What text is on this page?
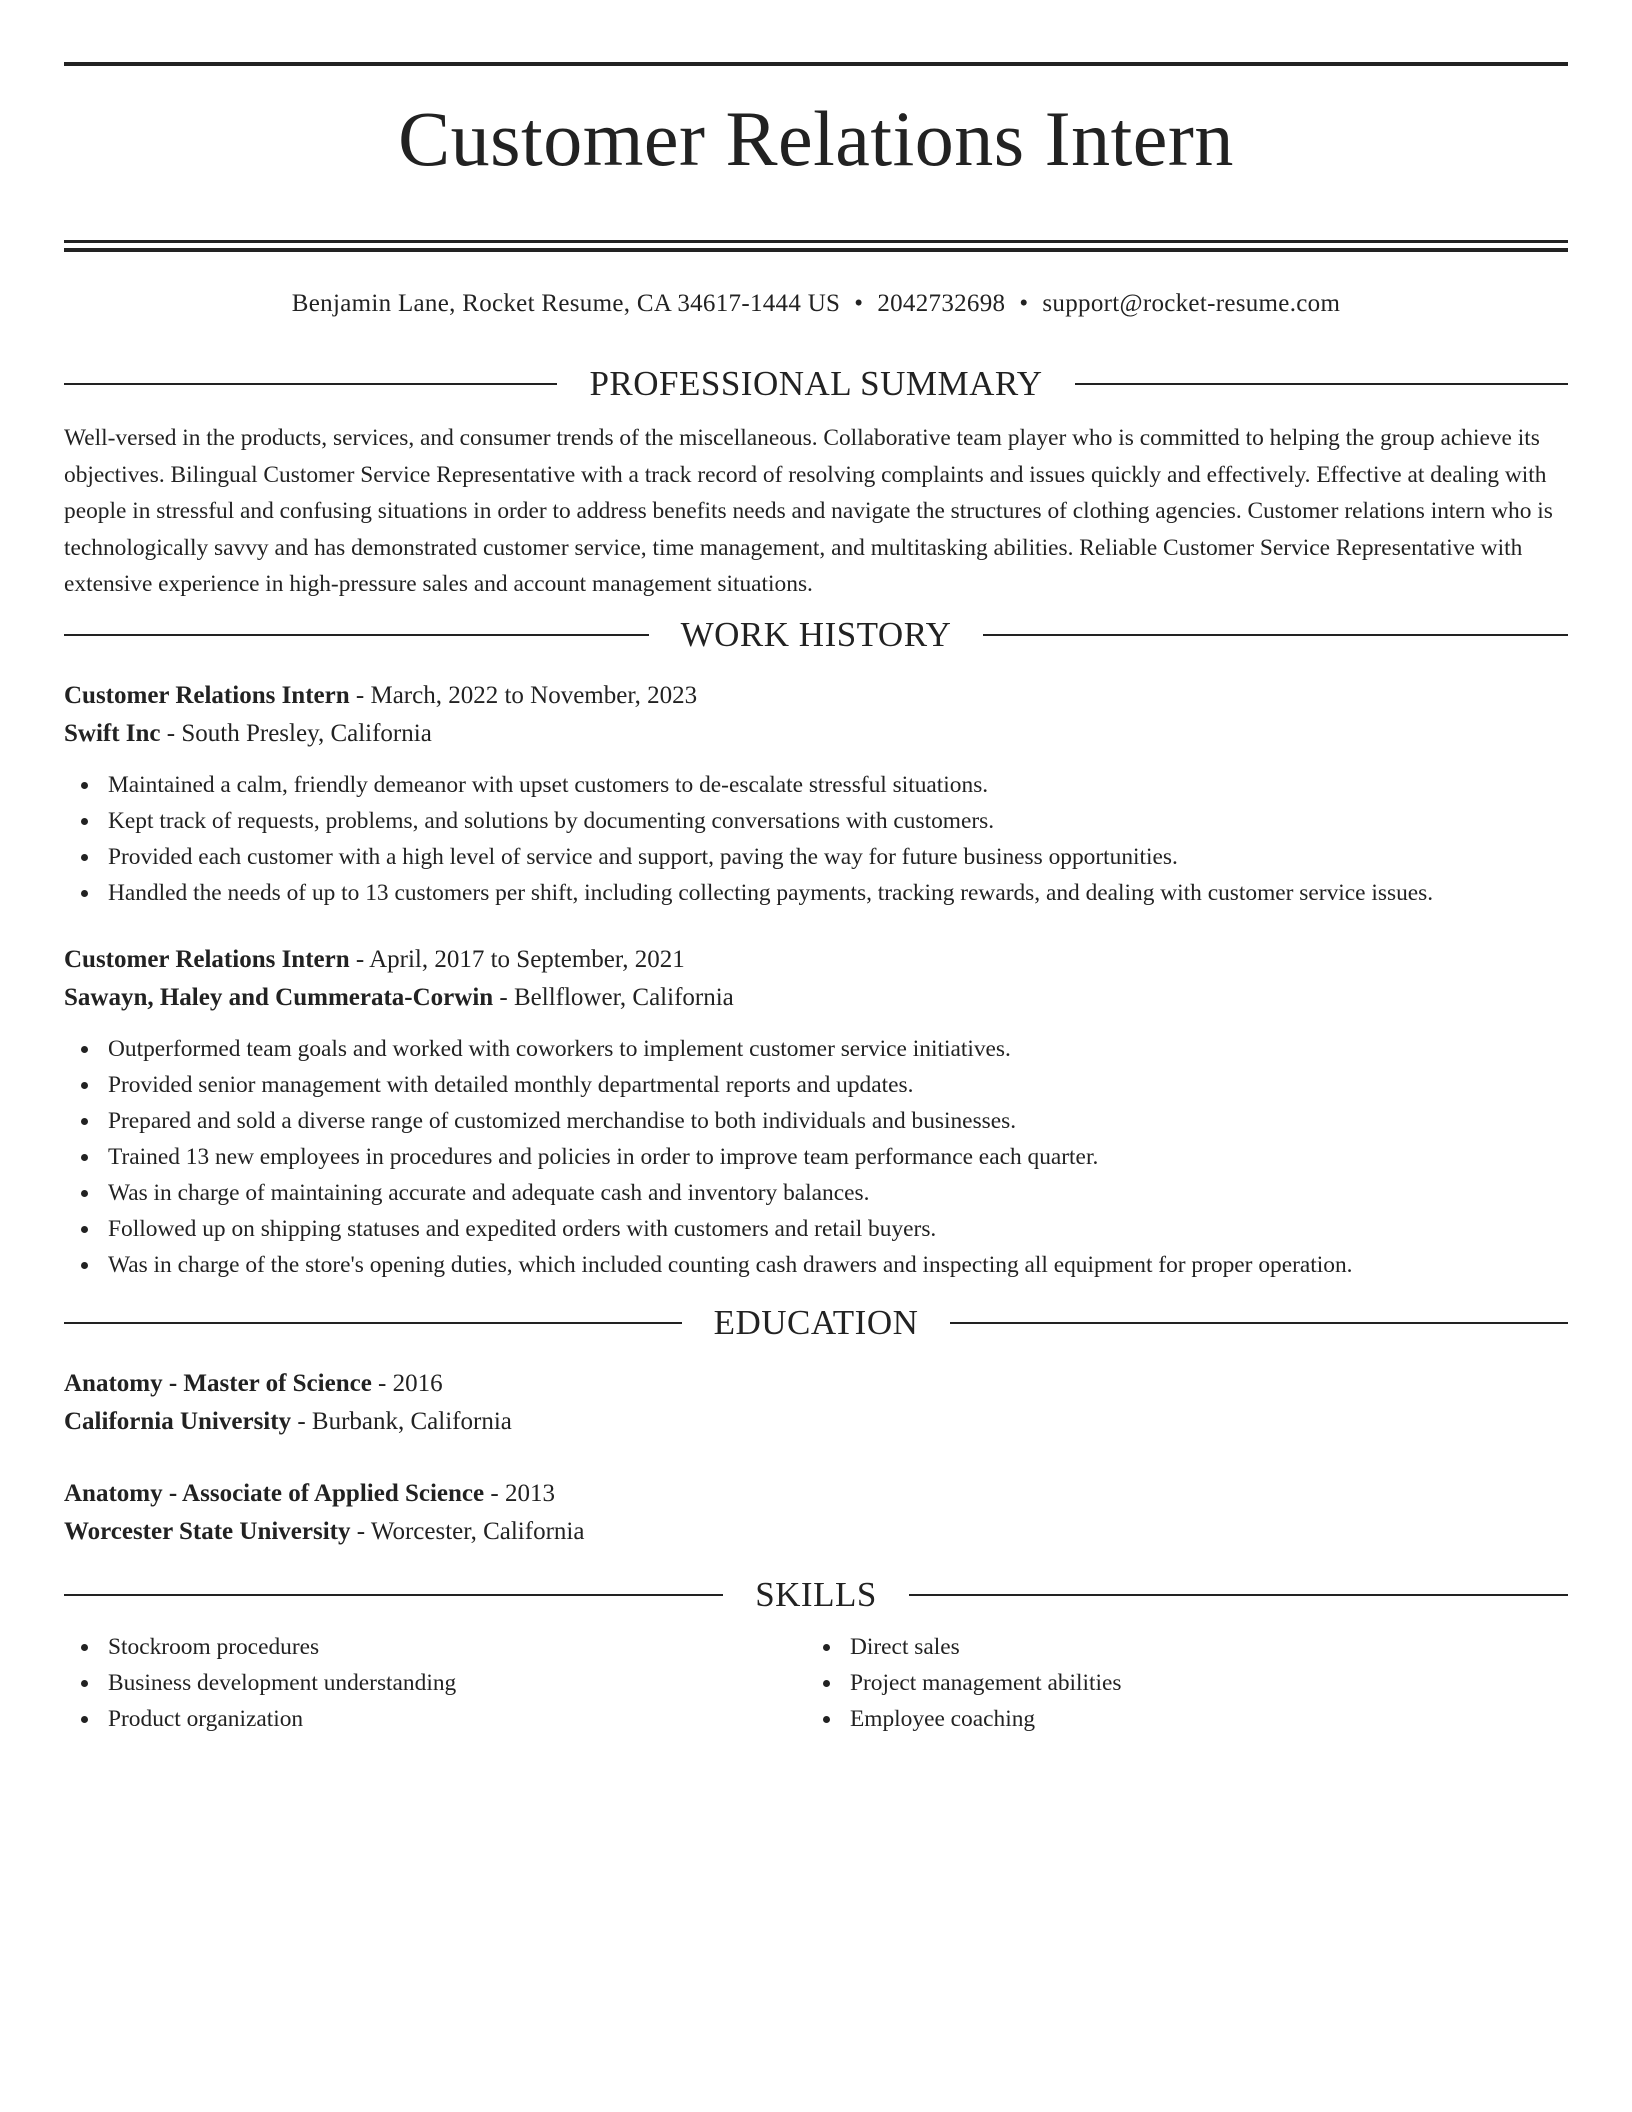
Customer Relations Intern
Benjamin Lane, Rocket Resume, CA 34617-1444 US • 2042732698 • support@rocket-resume.com
PROFESSIONAL SUMMARY

Well-versed in the products, services, and consumer trends of the miscellaneous. Collaborative team player who is committed to helping the group achieve its objectives. Bilingual Customer Service Representative with a track record of resolving complaints and issues quickly and effectively. Effective at dealing with people in stressful and confusing situations in order to address benefits needs and navigate the structures of clothing agencies. Customer relations intern who is technologically savvy and has demonstrated customer service, time management, and multitasking abilities. Reliable Customer Service Representative with extensive experience in high-pressure sales and account management situations.

WORK HISTORY
Customer Relations Intern - March, 2022 to November, 2023
Swift Inc - South Presley, California
Maintained a calm, friendly demeanor with upset customers to de-escalate stressful situations.
Kept track of requests, problems, and solutions by documenting conversations with customers.
Provided each customer with a high level of service and support, paving the way for future business opportunities.
Handled the needs of up to 13 customers per shift, including collecting payments, tracking rewards, and dealing with customer service issues.
Customer Relations Intern - April, 2017 to September, 2021
Sawayn, Haley and Cummerata-Corwin - Bellflower, California
Outperformed team goals and worked with coworkers to implement customer service initiatives.
Provided senior management with detailed monthly departmental reports and updates.
Prepared and sold a diverse range of customized merchandise to both individuals and businesses.
Trained 13 new employees in procedures and policies in order to improve team performance each quarter.
Was in charge of maintaining accurate and adequate cash and inventory balances.
Followed up on shipping statuses and expedited orders with customers and retail buyers.
Was in charge of the store's opening duties, which included counting cash drawers and inspecting all equipment for proper operation.
EDUCATION
Anatomy - Master of Science - 2016
California University - Burbank, California
Anatomy - Associate of Applied Science - 2013
Worcester State University - Worcester, California
SKILLS
Stockroom procedures
Business development understanding
Product organization
Direct sales
Project management abilities
Employee coaching
